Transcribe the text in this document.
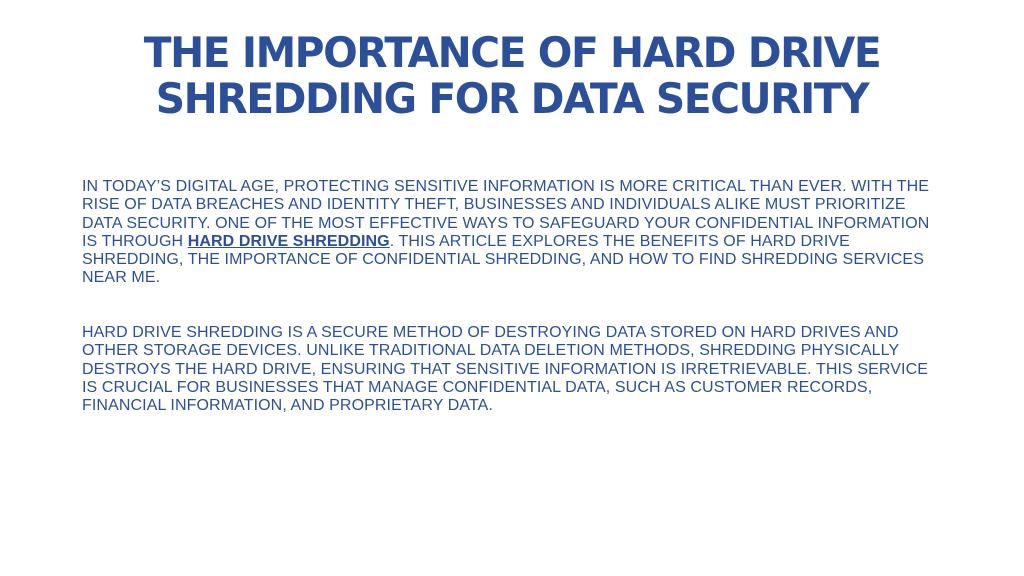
THE IMPORTANCE OF HARD DRIVE
SHREDDING FOR DATA SECURITY

IN TODAY’S DIGITAL AGE, PROTECTING SENSITIVE INFORMATION IS MORE CRITICAL THAN EVER. WITH THE RISE OF DATA BREACHES AND IDENTITY THEFT, BUSINESSES AND INDIVIDUALS ALIKE MUST PRIORITIZE DATA SECURITY. ONE OF THE MOST EFFECTIVE WAYS TO SAFEGUARD YOUR CONFIDENTIAL INFORMATION IS THROUGH HARD DRIVE SHREDDING. THIS ARTICLE EXPLORES THE BENEFITS OF HARD DRIVE SHREDDING, THE IMPORTANCE OF CONFIDENTIAL SHREDDING, AND HOW TO FIND SHREDDING SERVICES NEAR ME.

HARD DRIVE SHREDDING IS A SECURE METHOD OF DESTROYING DATA STORED ON HARD DRIVES AND OTHER STORAGE DEVICES. UNLIKE TRADITIONAL DATA DELETION METHODS, SHREDDING PHYSICALLY DESTROYS THE HARD DRIVE, ENSURING THAT SENSITIVE INFORMATION IS IRRETRIEVABLE. THIS SERVICE IS CRUCIAL FOR BUSINESSES THAT MANAGE CONFIDENTIAL DATA, SUCH AS CUSTOMER RECORDS, FINANCIAL INFORMATION, AND PROPRIETARY DATA.
